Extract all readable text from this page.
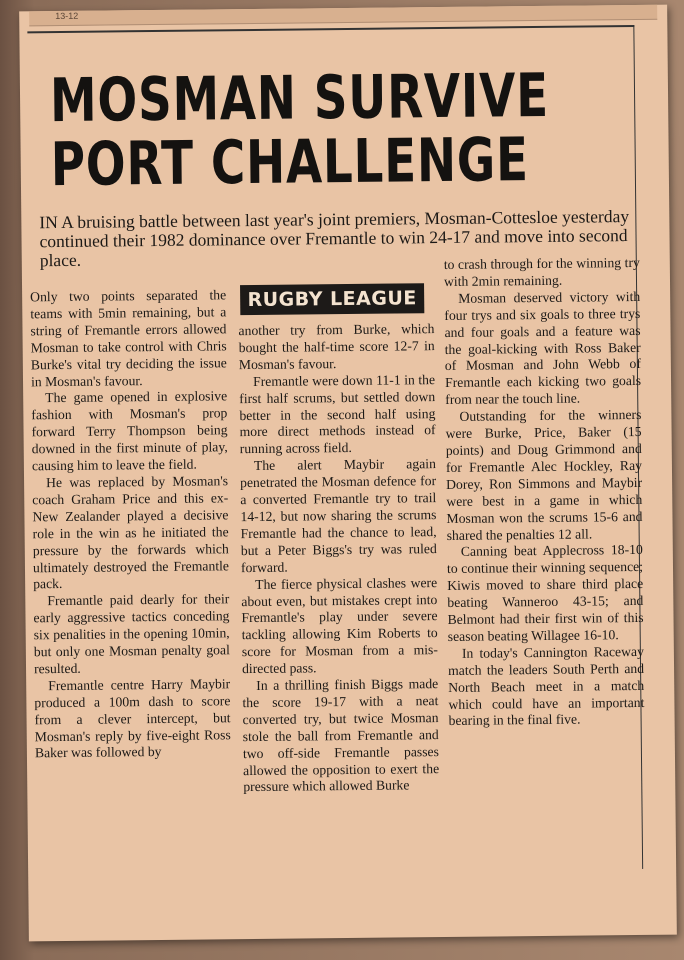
13-12
MOSMAN SURVIVE
PORT CHALLENGE

IN A bruising battle between last year's joint premiers, Mosman-Cottesloe yesterday continued their 1982 dominance over Fremantle to win 24-17 and move into second place.

Only two points separated the teams with 5min remaining, but a string of Fremantle errors allowed Mosman to take control with Chris Burke's vital try deciding the issue in Mosman's favour.

The game opened in explosive fashion with Mosman's prop forward Terry Thompson being downed in the first minute of play, causing him to leave the field.

He was replaced by Mosman's coach Graham Price and this ex-New Zealander played a decisive role in the win as he initiated the pressure by the forwards which ultimately destroyed the Fremantle pack.

Fremantle paid dearly for their early aggressive tactics conceding six penalities in the opening 10min, but only one Mosman penalty goal resulted.

Fremantle centre Harry Maybir produced a 100m dash to score from a clever intercept, but Mosman's reply by five-eight Ross Baker was followed by

RUGBY LEAGUE

another try from Burke, which bought the half-time score 12-7 in Mosman's favour.

Fremantle were down 11-1 in the first half scrums, but settled down better in the second half using more direct methods instead of running across field.

The alert Maybir again penetrated the Mosman defence for a converted Fremantle try to trail 14-12, but now sharing the scrums Fremantle had the chance to lead, but a Peter Biggs's try was ruled forward.

The fierce physical clashes were about even, but mistakes crept into Fremantle's play under severe tackling allowing Kim Roberts to score for Mosman from a mis-directed pass.

In a thrilling finish Biggs made the score 19-17 with a neat converted try, but twice Mosman stole the ball from Fremantle and two off-side Fremantle passes allowed the opposition to exert the pressure which allowed Burke

to crash through for the winning try with 2min remaining.

Mosman deserved victory with four trys and six goals to three trys and four goals and a feature was the goal-kicking with Ross Baker of Mosman and John Webb of Fremantle each kicking two goals from near the touch line.

Outstanding for the winners were Burke, Price, Baker (15 points) and Doug Grimmond and for Fremantle Alec Hockley, Ray Dorey, Ron Simmons and Maybir were best in a game in which Mosman won the scrums 15-6 and shared the penalties 12 all.

Canning beat Applecross 18-10 to continue their winning sequence; Kiwis moved to share third place beating Wanneroo 43-15; and Belmont had their first win of this season beating Willagee 16-10.

In today's Cannington Raceway match the leaders South Perth and North Beach meet in a match which could have an important bearing in the final five.
